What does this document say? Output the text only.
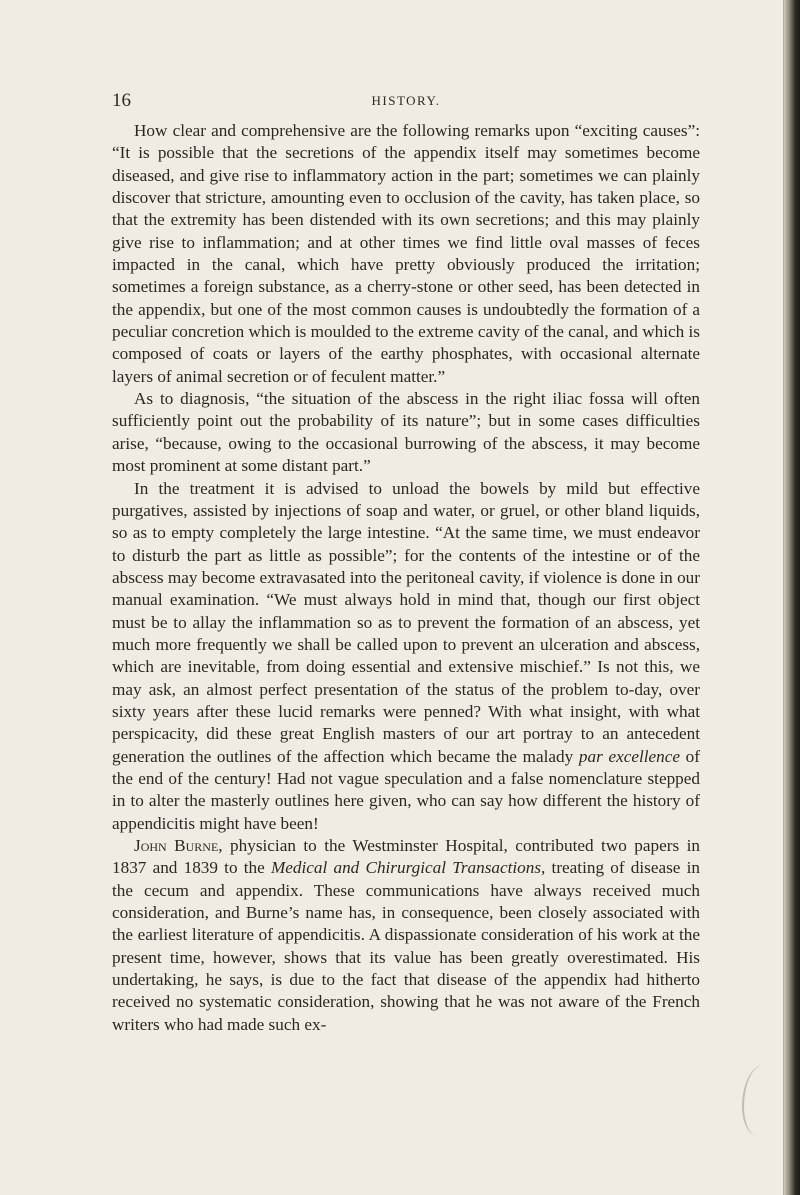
16	HISTORY.

How clear and comprehensive are the following remarks upon “exciting causes”: “It is possible that the secretions of the appendix itself may sometimes become diseased, and give rise to inflammatory action in the part; sometimes we can plainly discover that stricture, amounting even to occlusion of the cavity, has taken place, so that the extremity has been distended with its own secretions; and this may plainly give rise to inflammation; and at other times we find little oval masses of feces impacted in the canal, which have pretty obviously produced the irritation; sometimes a foreign substance, as a cherry-stone or other seed, has been detected in the appendix, but one of the most common causes is undoubtedly the formation of a peculiar concretion which is moulded to the extreme cavity of the canal, and which is composed of coats or layers of the earthy phosphates, with occasional alternate layers of animal secretion or of feculent matter.”

As to diagnosis, “the situation of the abscess in the right iliac fossa will often sufficiently point out the probability of its nature”; but in some cases difficulties arise, “because, owing to the occasional burrowing of the abscess, it may become most prominent at some distant part.”

In the treatment it is advised to unload the bowels by mild but effective purgatives, assisted by injections of soap and water, or gruel, or other bland liquids, so as to empty completely the large intestine. “At the same time, we must endeavor to disturb the part as little as possible”; for the contents of the intestine or of the abscess may become extravasated into the peritoneal cavity, if violence is done in our manual examination. “We must always hold in mind that, though our first object must be to allay the inflammation so as to prevent the formation of an abscess, yet much more frequently we shall be called upon to prevent an ulceration and abscess, which are inevitable, from doing essential and extensive mischief.” Is not this, we may ask, an almost perfect presentation of the status of the problem to-day, over sixty years after these lucid remarks were penned? With what insight, with what perspicacity, did these great English masters of our art portray to an antecedent generation the outlines of the affection which became the malady par excellence of the end of the century! Had not vague speculation and a false nomenclature stepped in to alter the masterly outlines here given, who can say how different the history of appendicitis might have been!

John Burne, physician to the Westminster Hospital, contributed two papers in 1837 and 1839 to the Medical and Chirurgical Transactions, treating of disease in the cecum and appendix. These communications have always received much consideration, and Burne’s name has, in consequence, been closely associated with the earliest literature of appendicitis. A dispassionate consideration of his work at the present time, however, shows that its value has been greatly overestimated. His undertaking, he says, is due to the fact that disease of the appendix had hitherto received no systematic consideration, showing that he was not aware of the French writers who had made such ex-
